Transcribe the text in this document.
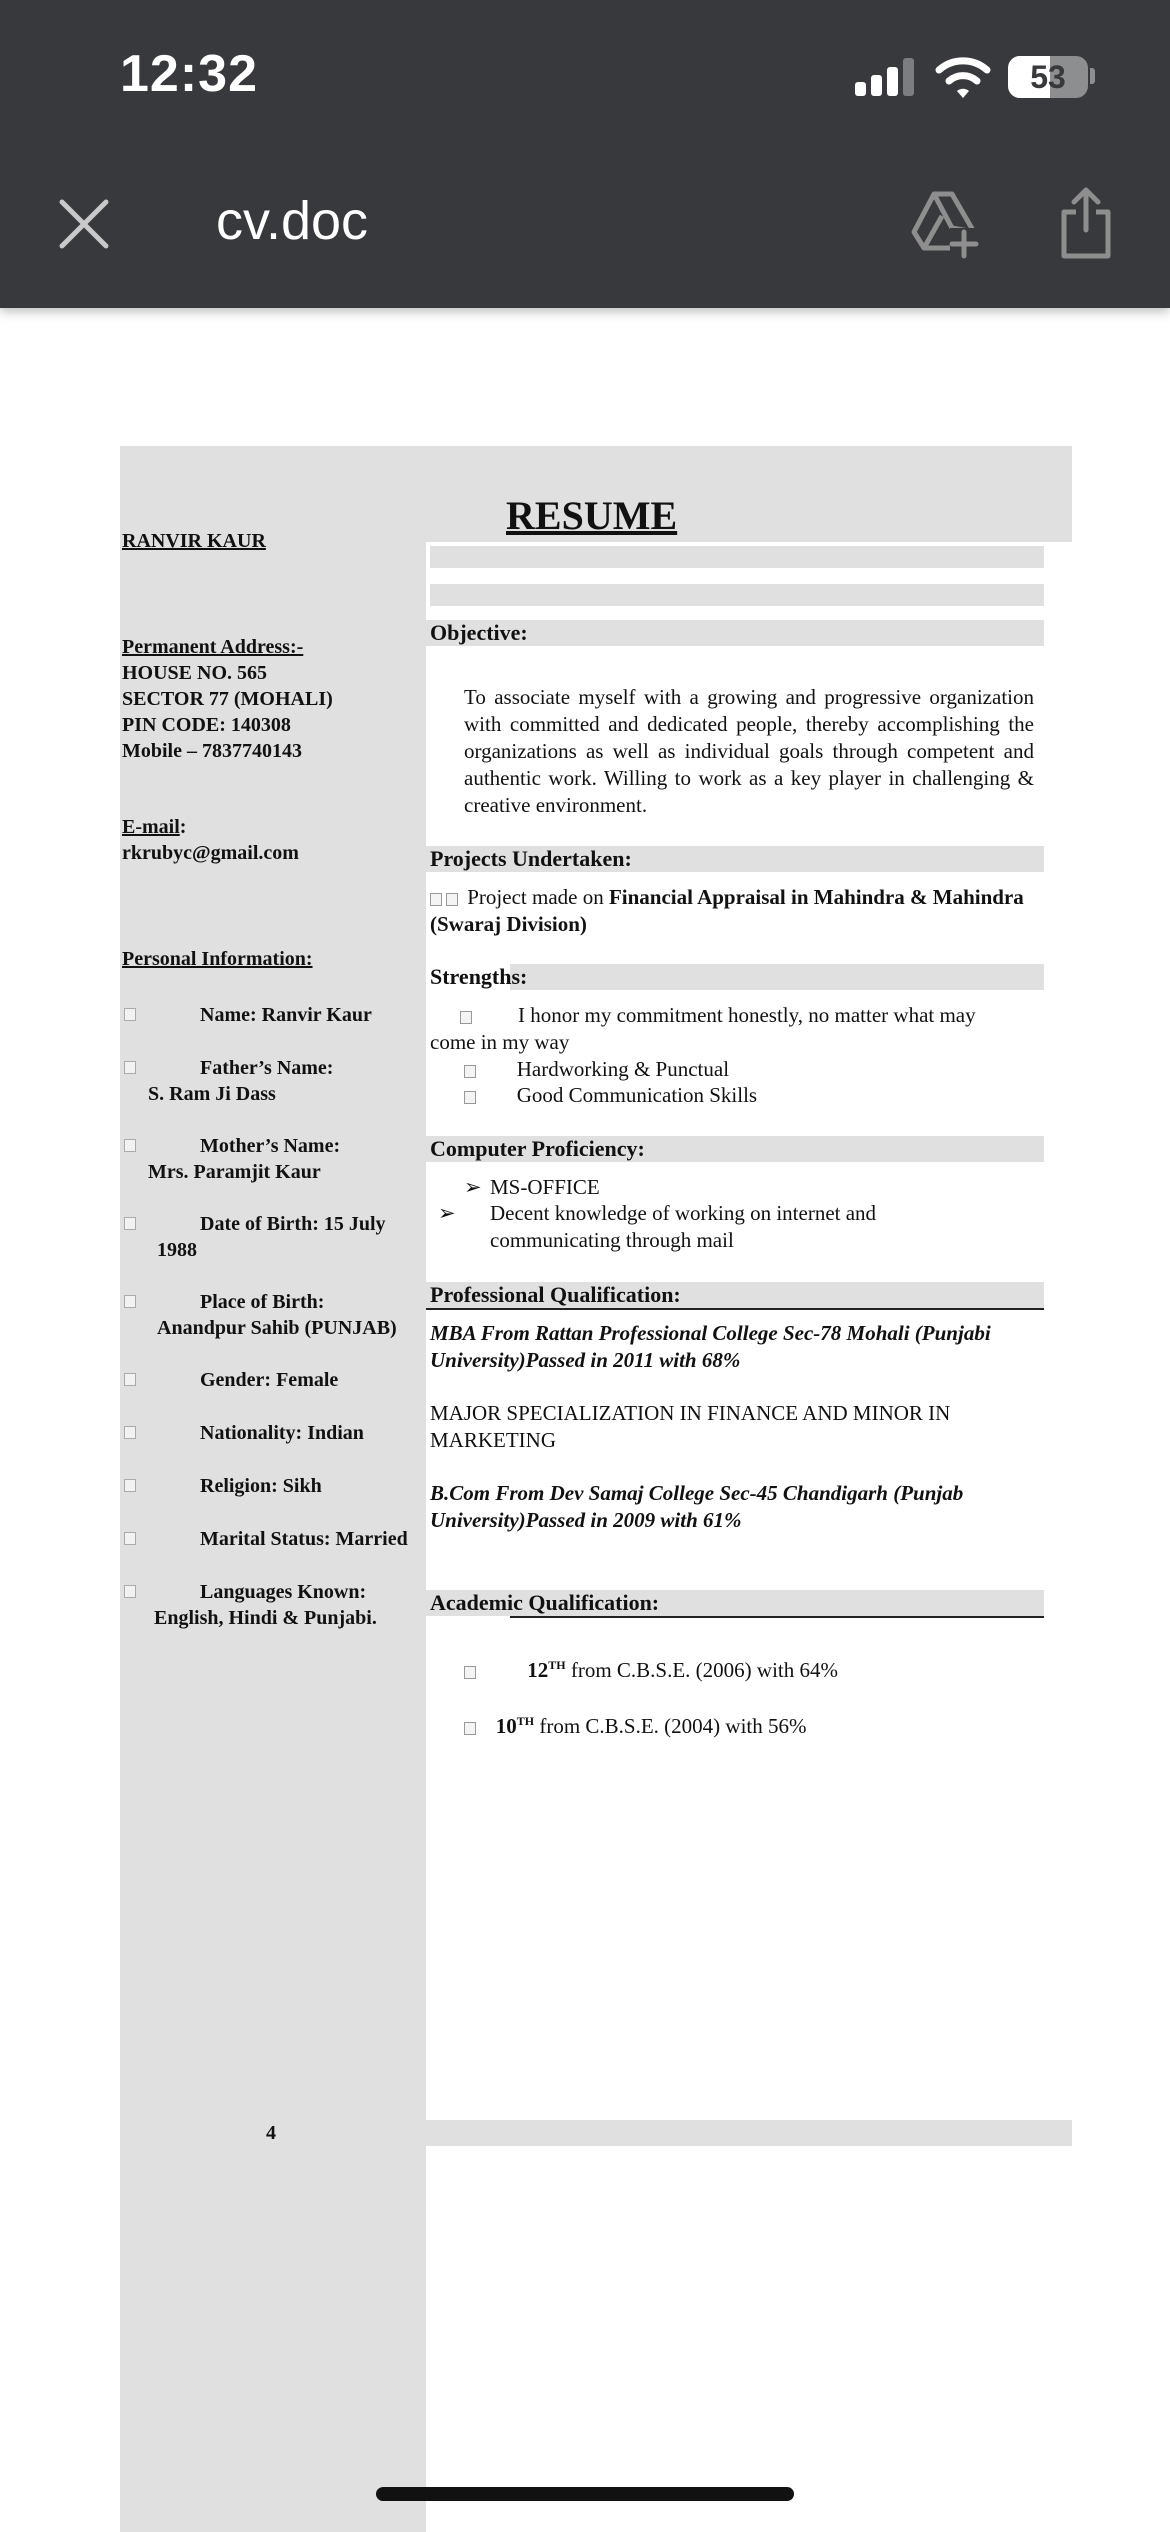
12:32	53
cv.doc
RESUME
RANVIR KAUR
Permanent Address:-
HOUSE NO. 565
SECTOR 77 (MOHALI)
PIN CODE: 140308
Mobile – 7837740143
E-mail:
rkrubyc@gmail.com
Personal Information:
Name: Ranvir Kaur
Father’s Name:
S. Ram Ji Dass
Mother’s Name:
Mrs. Paramjit Kaur
Date of Birth: 15 July
1988
Place of Birth:
Anandpur Sahib (PUNJAB)
Gender: Female
Nationality: Indian
Religion: Sikh
Marital Status: Married
Languages Known:
English, Hindi & Punjabi.
4
Objective:
To associate myself with a growing and progressive organization with committed and dedicated people, thereby accomplishing the organizations as well as individual goals through competent and authentic work. Willing to work as a key player in challenging & creative environment.
Projects Undertaken:
Project made on Financial Appraisal in Mahindra & Mahindra (Swaraj Division)
Strengths:
I honor my commitment honestly, no matter what may come in my way
Hardworking & Punctual
Good Communication Skills
Computer Proficiency:
➢ MS-OFFICE
➢ Decent knowledge of working on internet and communicating through mail
Professional Qualification:
MBA From Rattan Professional College Sec-78 Mohali (Punjabi University)Passed in 2011 with 68%
MAJOR SPECIALIZATION IN FINANCE AND MINOR IN MARKETING
B.Com From Dev Samaj College Sec-45 Chandigarh (Punjab University)Passed in 2009 with 61%
Academic Qualification:
12TH from C.B.S.E. (2006) with 64%
10TH from C.B.S.E. (2004) with 56%
